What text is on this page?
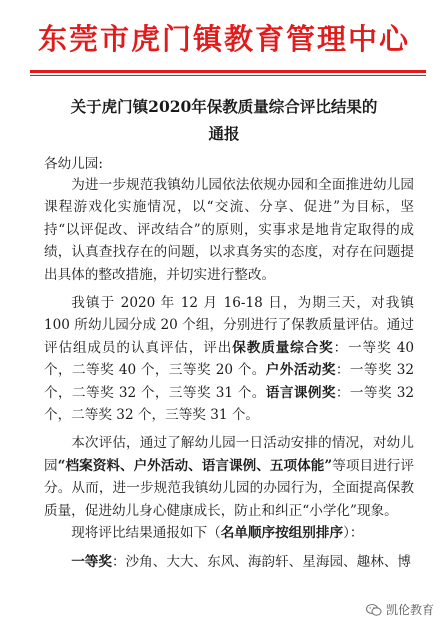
东莞市虎门镇教育管理中心
关于虎门镇2020年保教质量综合评比结果的
通报
各幼儿园:

为进一步规范我镇幼儿园依法依规办园和全面推进幼儿园课程游戏化实施情况，以“交流、分享、促进”为目标，坚持“以评促改、评改结合”的原则，实事求是地肯定取得的成绩，认真查找存在的问题，以求真务实的态度，对存在问题提出具体的整改措施，并切实进行整改。

我镇于 2020 年 12 月 16-18 日，为期三天，对我镇 100 所幼儿园分成 20 个组，分别进行了保教质量评估。通过评估组成员的认真评估，评出保教质量综合奖：一等奖 40 个，二等奖 40 个，三等奖 20 个。户外活动奖：一等奖 32 个，二等奖 32 个，三等奖 31 个。语言课例奖：一等奖 32 个，二等奖 32 个，三等奖 31 个。

本次评估，通过了解幼儿园一日活动安排的情况，对幼儿园“档案资料、户外活动、语言课例、五项体能”等项目进行评分。从而，进一步规范我镇幼儿园的办园行为，全面提高保教质量，促进幼儿身心健康成长，防止和纠正“小学化”现象。

现将评比结果通报如下（名单顺序按组别排序）：

一等奖：沙角、大大、东风、海韵轩、星海园、趣林、博

凯伦教育
